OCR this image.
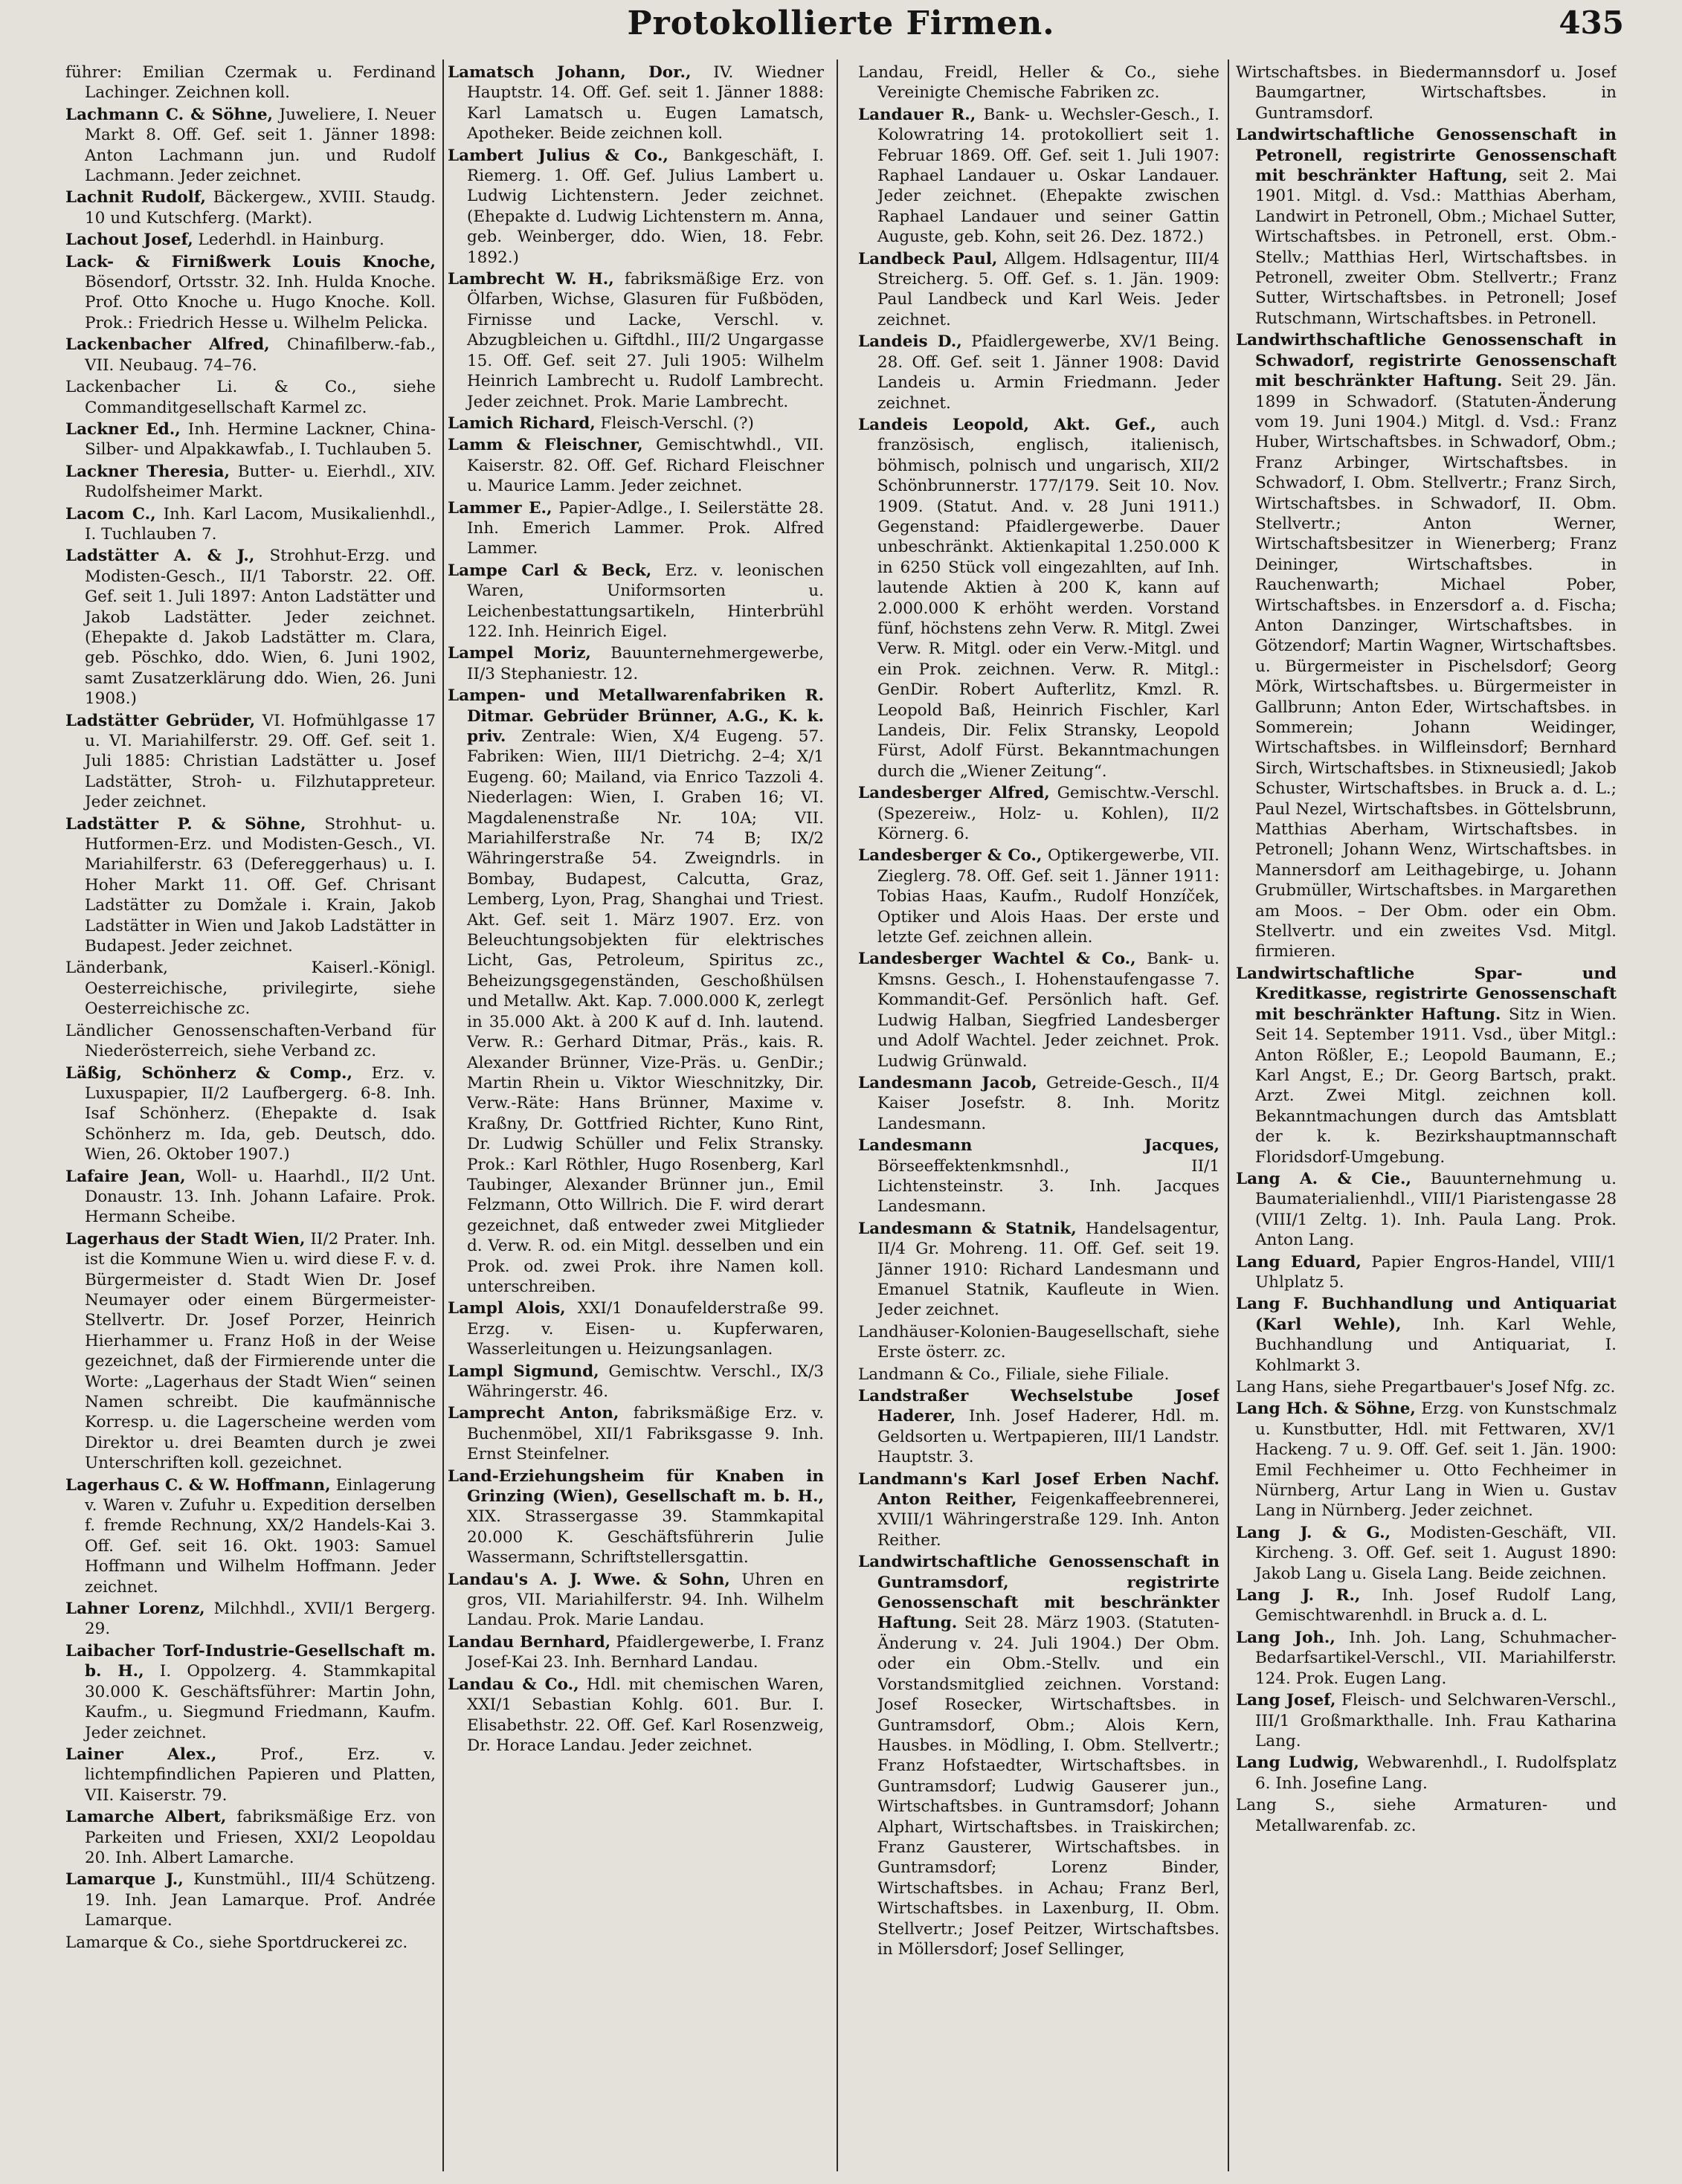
Protokollierte Firmen.	435

führer: Emilian Czermak u. Ferdinand Lachinger. Zeichnen koll.

Lachmann C. & Söhne, Juweliere, I. Neuer Markt 8. Off. Gef. seit 1. Jänner 1898: Anton Lachmann jun. und Rudolf Lachmann. Jeder zeichnet.

Lachnit Rudolf, Bäckergew., XVIII. Staudg. 10 und Kutschferg. (Markt).

Lachout Josef, Lederhdl. in Hainburg.

Lack- & Firnißwerk Louis Knoche, Bösendorf, Ortsstr. 32. Inh. Hulda Knoche. Prof. Otto Knoche u. Hugo Knoche. Koll. Prok.: Friedrich Hesse u. Wilhelm Pelicka.

Lackenbacher Alfred, Chinafilberw.-fab., VII. Neubaug. 74–76.

Lackenbacher Li. & Co., siehe Commanditgesellschaft Karmel zc.

Lackner Ed., Inh. Hermine Lackner, China-Silber- und Alpakkawfab., I. Tuchlauben 5.

Lackner Theresia, Butter- u. Eierhdl., XIV. Rudolfsheimer Markt.

Lacom C., Inh. Karl Lacom, Musikalienhdl., I. Tuchlauben 7.

Ladstätter A. & J., Strohhut-Erzg. und Modisten-Gesch., II/1 Taborstr. 22. Off. Gef. seit 1. Juli 1897: Anton Ladstätter und Jakob Ladstätter. Jeder zeichnet. (Ehepakte d. Jakob Ladstätter m. Clara, geb. Pöschko, ddo. Wien, 6. Juni 1902, samt Zusatzerklärung ddo. Wien, 26. Juni 1908.)

Ladstätter Gebrüder, VI. Hofmühlgasse 17 u. VI. Mariahilferstr. 29. Off. Gef. seit 1. Juli 1885: Christian Ladstätter u. Josef Ladstätter, Stroh- u. Filzhutappreteur. Jeder zeichnet.

Ladstätter P. & Söhne, Strohhut- u. Hutformen-Erz. und Modisten-Gesch., VI. Mariahilferstr. 63 (Defereggerhaus) u. I. Hoher Markt 11. Off. Gef. Chrisant Ladstätter zu Domžale i. Krain, Jakob Ladstätter in Wien und Jakob Ladstätter in Budapest. Jeder zeichnet.

Länderbank, Kaiserl.-Königl. Oesterreichische, privilegirte, siehe Oesterreichische zc.

Ländlicher Genossenschaften-Verband für Niederösterreich, siehe Verband zc.

Läßig, Schönherz & Comp., Erz. v. Luxuspapier, II/2 Laufbergerg. 6-8. Inh. Isaf Schönherz. (Ehepakte d. Isak Schönherz m. Ida, geb. Deutsch, ddo. Wien, 26. Oktober 1907.)

Lafaire Jean, Woll- u. Haarhdl., II/2 Unt. Donaustr. 13. Inh. Johann Lafaire. Prok. Hermann Scheibe.

Lagerhaus der Stadt Wien, II/2 Prater. Inh. ist die Kommune Wien u. wird diese F. v. d. Bürgermeister d. Stadt Wien Dr. Josef Neumayer oder einem Bürgermeister-Stellvertr. Dr. Josef Porzer, Heinrich Hierhammer u. Franz Hoß in der Weise gezeichnet, daß der Firmierende unter die Worte: „Lagerhaus der Stadt Wien“ seinen Namen schreibt. Die kaufmännische Korresp. u. die Lagerscheine werden vom Direktor u. drei Beamten durch je zwei Unterschriften koll. gezeichnet.

Lagerhaus C. & W. Hoffmann, Einlagerung v. Waren v. Zufuhr u. Expedition derselben f. fremde Rechnung, XX/2 Handels-Kai 3. Off. Gef. seit 16. Okt. 1903: Samuel Hoffmann und Wilhelm Hoffmann. Jeder zeichnet.

Lahner Lorenz, Milchhdl., XVII/1 Bergerg. 29.

Laibacher Torf-Industrie-Gesellschaft m. b. H., I. Oppolzerg. 4. Stammkapital 30.000 K. Geschäftsführer: Martin John, Kaufm., u. Siegmund Friedmann, Kaufm. Jeder zeichnet.

Lainer Alex., Prof., Erz. v. lichtempfindlichen Papieren und Platten, VII. Kaiserstr. 79.

Lamarche Albert, fabriksmäßige Erz. von Parkeiten und Friesen, XXI/2 Leopoldau 20. Inh. Albert Lamarche.

Lamarque J., Kunstmühl., III/4 Schützeng. 19. Inh. Jean Lamarque. Prof. Andrée Lamarque.

Lamarque & Co., siehe Sportdruckerei zc.

Lamatsch Johann, Dor., IV. Wiedner Hauptstr. 14. Off. Gef. seit 1. Jänner 1888: Karl Lamatsch u. Eugen Lamatsch, Apotheker. Beide zeichnen koll.

Lambert Julius & Co., Bankgeschäft, I. Riemerg. 1. Off. Gef. Julius Lambert u. Ludwig Lichtenstern. Jeder zeichnet. (Ehepakte d. Ludwig Lichtenstern m. Anna, geb. Weinberger, ddo. Wien, 18. Febr. 1892.)

Lambrecht W. H., fabriksmäßige Erz. von Ölfarben, Wichse, Glasuren für Fußböden, Firnisse und Lacke, Verschl. v. Abzugbleichen u. Giftdhl., III/2 Ungargasse 15. Off. Gef. seit 27. Juli 1905: Wilhelm Heinrich Lambrecht u. Rudolf Lambrecht. Jeder zeichnet. Prok. Marie Lambrecht.

Lamich Richard, Fleisch-Verschl. (?)

Lamm & Fleischner, Gemischtwhdl., VII. Kaiserstr. 82. Off. Gef. Richard Fleischner u. Maurice Lamm. Jeder zeichnet.

Lammer E., Papier-Adlge., I. Seilerstätte 28. Inh. Emerich Lammer. Prok. Alfred Lammer.

Lampe Carl & Beck, Erz. v. leonischen Waren, Uniformsorten u. Leichenbestattungsartikeln, Hinterbrühl 122. Inh. Heinrich Eigel.

Lampel Moriz, Bauunternehmergewerbe, II/3 Stephaniestr. 12.

Lampen- und Metallwarenfabriken R. Ditmar. Gebrüder Brünner, A.G., K. k. priv. Zentrale: Wien, X/4 Eugeng. 57. Fabriken: Wien, III/1 Dietrichg. 2–4; X/1 Eugeng. 60; Mailand, via Enrico Tazzoli 4. Niederlagen: Wien, I. Graben 16; VI. Magdalenenstraße Nr. 10A; VII. Mariahilferstraße Nr. 74 B; IX/2 Währingerstraße 54. Zweigndrls. in Bombay, Budapest, Calcutta, Graz, Lemberg, Lyon, Prag, Shanghai und Triest. Akt. Gef. seit 1. März 1907. Erz. von Beleuchtungsobjekten für elektrisches Licht, Gas, Petroleum, Spiritus zc., Beheizungsgegenständen, Geschoßhülsen und Metallw. Akt. Kap. 7.000.000 K, zerlegt in 35.000 Akt. à 200 K auf d. Inh. lautend. Verw. R.: Gerhard Ditmar, Präs., kais. R. Alexander Brünner, Vize-Präs. u. GenDir.; Martin Rhein u. Viktor Wieschnitzky, Dir. Verw.-Räte: Hans Brünner, Maxime v. Kraßny, Dr. Gottfried Richter, Kuno Rint, Dr. Ludwig Schüller und Felix Stransky. Prok.: Karl Röthler, Hugo Rosenberg, Karl Taubinger, Alexander Brünner jun., Emil Felzmann, Otto Willrich. Die F. wird derart gezeichnet, daß entweder zwei Mitglieder d. Verw. R. od. ein Mitgl. desselben und ein Prok. od. zwei Prok. ihre Namen koll. unterschreiben.

Lampl Alois, XXI/1 Donaufelderstraße 99. Erzg. v. Eisen- u. Kupferwaren, Wasserleitungen u. Heizungsanlagen.

Lampl Sigmund, Gemischtw. Verschl., IX/3 Währingerstr. 46.

Lamprecht Anton, fabriksmäßige Erz. v. Buchenmöbel, XII/1 Fabriksgasse 9. Inh. Ernst Steinfelner.

Land-Erziehungsheim für Knaben in Grinzing (Wien), Gesellschaft m. b. H., XIX. Strassergasse 39. Stammkapital 20.000 K. Geschäftsführerin Julie Wassermann, Schriftstellersgattin.

Landau's A. J. Wwe. & Sohn, Uhren en gros, VII. Mariahilferstr. 94. Inh. Wilhelm Landau. Prok. Marie Landau.

Landau Bernhard, Pfaidlergewerbe, I. Franz Josef-Kai 23. Inh. Bernhard Landau.

Landau & Co., Hdl. mit chemischen Waren, XXI/1 Sebastian Kohlg. 601. Bur. I. Elisabethstr. 22. Off. Gef. Karl Rosenzweig, Dr. Horace Landau. Jeder zeichnet.

Landau, Freidl, Heller & Co., siehe Vereinigte Chemische Fabriken zc.

Landauer R., Bank- u. Wechsler-Gesch., I. Kolowratring 14. protokolliert seit 1. Februar 1869. Off. Gef. seit 1. Juli 1907: Raphael Landauer u. Oskar Landauer. Jeder zeichnet. (Ehepakte zwischen Raphael Landauer und seiner Gattin Auguste, geb. Kohn, seit 26. Dez. 1872.)

Landbeck Paul, Allgem. Hdlsagentur, III/4 Streicherg. 5. Off. Gef. s. 1. Jän. 1909: Paul Landbeck und Karl Weis. Jeder zeichnet.

Landeis D., Pfaidlergewerbe, XV/1 Being. 28. Off. Gef. seit 1. Jänner 1908: David Landeis u. Armin Friedmann. Jeder zeichnet.

Landeis Leopold, Akt. Gef., auch französisch, englisch, italienisch, böhmisch, polnisch und ungarisch, XII/2 Schönbrunnerstr. 177/179. Seit 10. Nov. 1909. (Statut. And. v. 28 Juni 1911.) Gegenstand: Pfaidlergewerbe. Dauer unbeschränkt. Aktienkapital 1.250.000 K in 6250 Stück voll eingezahlten, auf Inh. lautende Aktien à 200 K, kann auf 2.000.000 K erhöht werden. Vorstand fünf, höchstens zehn Verw. R. Mitgl. Zwei Verw. R. Mitgl. oder ein Verw.-Mitgl. und ein Prok. zeichnen. Verw. R. Mitgl.: GenDir. Robert Aufterlitz, Kmzl. R. Leopold Baß, Heinrich Fischler, Karl Landeis, Dir. Felix Stransky, Leopold Fürst, Adolf Fürst. Bekanntmachungen durch die „Wiener Zeitung“.

Landesberger Alfred, Gemischtw.-Verschl. (Spezereiw., Holz- u. Kohlen), II/2 Körnerg. 6.

Landesberger & Co., Optikergewerbe, VII. Zieglerg. 78. Off. Gef. seit 1. Jänner 1911: Tobias Haas, Kaufm., Rudolf Honzíček, Optiker und Alois Haas. Der erste und letzte Gef. zeichnen allein.

Landesberger Wachtel & Co., Bank- u. Kmsns. Gesch., I. Hohenstaufengasse 7. Kommandit-Gef. Persönlich haft. Gef. Ludwig Halban, Siegfried Landesberger und Adolf Wachtel. Jeder zeichnet. Prok. Ludwig Grünwald.

Landesmann Jacob, Getreide-Gesch., II/4 Kaiser Josefstr. 8. Inh. Moritz Landesmann.

Landesmann Jacques, Börseeffektenkmsnhdl., II/1 Lichtensteinstr. 3. Inh. Jacques Landesmann.

Landesmann & Statnik, Handelsagentur, II/4 Gr. Mohreng. 11. Off. Gef. seit 19. Jänner 1910: Richard Landesmann und Emanuel Statnik, Kaufleute in Wien. Jeder zeichnet.

Landhäuser-Kolonien-Baugesellschaft, siehe Erste österr. zc.

Landmann & Co., Filiale, siehe Filiale.

Landstraßer Wechselstube Josef Haderer, Inh. Josef Haderer, Hdl. m. Geldsorten u. Wertpapieren, III/1 Landstr. Hauptstr. 3.

Landmann's Karl Josef Erben Nachf. Anton Reither, Feigenkaffeebrennerei, XVIII/1 Währingerstraße 129. Inh. Anton Reither.

Landwirtschaftliche Genossenschaft in Guntramsdorf, registrirte Genossenschaft mit beschränkter Haftung. Seit 28. März 1903. (Statuten-Änderung v. 24. Juli 1904.) Der Obm. oder ein Obm.-Stellv. und ein Vorstandsmitglied zeichnen. Vorstand: Josef Rosecker, Wirtschaftsbes. in Guntramsdorf, Obm.; Alois Kern, Hausbes. in Mödling, I. Obm. Stellvertr.; Franz Hofstaedter, Wirtschaftsbes. in Guntramsdorf; Ludwig Gauserer jun., Wirtschaftsbes. in Guntramsdorf; Johann Alphart, Wirtschaftsbes. in Traiskirchen; Franz Gausterer, Wirtschaftsbes. in Guntramsdorf; Lorenz Binder, Wirtschaftsbes. in Achau; Franz Berl, Wirtschaftsbes. in Laxenburg, II. Obm. Stellvertr.; Josef Peitzer, Wirtschaftsbes. in Möllersdorf; Josef Sellinger,

Wirtschaftsbes. in Biedermannsdorf u. Josef Baumgartner, Wirtschaftsbes. in Guntramsdorf.

Landwirtschaftliche Genossenschaft in Petronell, registrirte Genossenschaft mit beschränkter Haftung, seit 2. Mai 1901. Mitgl. d. Vsd.: Matthias Aberham, Landwirt in Petronell, Obm.; Michael Sutter, Wirtschaftsbes. in Petronell, erst. Obm.-Stellv.; Matthias Herl, Wirtschaftsbes. in Petronell, zweiter Obm. Stellvertr.; Franz Sutter, Wirtschaftsbes. in Petronell; Josef Rutschmann, Wirtschaftsbes. in Petronell.

Landwirthschaftliche Genossenschaft in Schwadorf, registrirte Genossenschaft mit beschränkter Haftung. Seit 29. Jän. 1899 in Schwadorf. (Statuten-Änderung vom 19. Juni 1904.) Mitgl. d. Vsd.: Franz Huber, Wirtschaftsbes. in Schwadorf, Obm.; Franz Arbinger, Wirtschaftsbes. in Schwadorf, I. Obm. Stellvertr.; Franz Sirch, Wirtschaftsbes. in Schwadorf, II. Obm. Stellvertr.; Anton Werner, Wirtschaftsbesitzer in Wienerberg; Franz Deininger, Wirtschaftsbes. in Rauchenwarth; Michael Pober, Wirtschaftsbes. in Enzersdorf a. d. Fischa; Anton Danzinger, Wirtschaftsbes. in Götzendorf; Martin Wagner, Wirtschaftsbes. u. Bürgermeister in Pischelsdorf; Georg Mörk, Wirtschaftsbes. u. Bürgermeister in Gallbrunn; Anton Eder, Wirtschaftsbes. in Sommerein; Johann Weidinger, Wirtschaftsbes. in Wilfleinsdorf; Bernhard Sirch, Wirtschaftsbes. in Stixneusiedl; Jakob Schuster, Wirtschaftsbes. in Bruck a. d. L.; Paul Nezel, Wirtschaftsbes. in Göttelsbrunn, Matthias Aberham, Wirtschaftsbes. in Petronell; Johann Wenz, Wirtschaftsbes. in Mannersdorf am Leithagebirge, u. Johann Grubmüller, Wirtschaftsbes. in Margarethen am Moos. – Der Obm. oder ein Obm. Stellvertr. und ein zweites Vsd. Mitgl. firmieren.

Landwirtschaftliche Spar- und Kreditkasse, registrirte Genossenschaft mit beschränkter Haftung. Sitz in Wien. Seit 14. September 1911. Vsd., über Mitgl.: Anton Rößler, E.; Leopold Baumann, E.; Karl Angst, E.; Dr. Georg Bartsch, prakt. Arzt. Zwei Mitgl. zeichnen koll. Bekanntmachungen durch das Amtsblatt der k. k. Bezirkshauptmannschaft Floridsdorf-Umgebung.

Lang A. & Cie., Bauunternehmung u. Baumaterialienhdl., VIII/1 Piaristengasse 28 (VIII/1 Zeltg. 1). Inh. Paula Lang. Prok. Anton Lang.

Lang Eduard, Papier Engros-Handel, VIII/1 Uhlplatz 5.

Lang F. Buchhandlung und Antiquariat (Karl Wehle), Inh. Karl Wehle, Buchhandlung und Antiquariat, I. Kohlmarkt 3.

Lang Hans, siehe Pregartbauer's Josef Nfg. zc.

Lang Hch. & Söhne, Erzg. von Kunstschmalz u. Kunstbutter, Hdl. mit Fettwaren, XV/1 Hackeng. 7 u. 9. Off. Gef. seit 1. Jän. 1900: Emil Fechheimer u. Otto Fechheimer in Nürnberg, Artur Lang in Wien u. Gustav Lang in Nürnberg. Jeder zeichnet.

Lang J. & G., Modisten-Geschäft, VII. Kircheng. 3. Off. Gef. seit 1. August 1890: Jakob Lang u. Gisela Lang. Beide zeichnen.

Lang J. R., Inh. Josef Rudolf Lang, Gemischtwarenhdl. in Bruck a. d. L.

Lang Joh., Inh. Joh. Lang, Schuhmacher-Bedarfsartikel-Verschl., VII. Mariahilferstr. 124. Prok. Eugen Lang.

Lang Josef, Fleisch- und Selchwaren-Verschl., III/1 Großmarkthalle. Inh. Frau Katharina Lang.

Lang Ludwig, Webwarenhdl., I. Rudolfsplatz 6. Inh. Josefine Lang.

Lang S., siehe Armaturen- und Metallwarenfab. zc.
